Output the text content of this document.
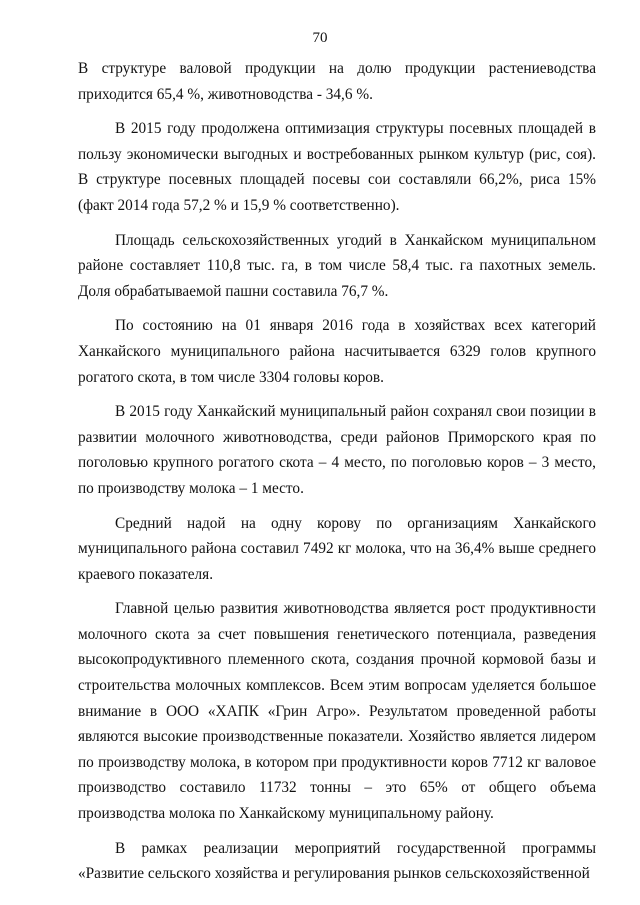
70

В структуре валовой продукции на долю продукции растениеводства приходится 65,4 %, животноводства - 34,6 %.

В 2015 году продолжена оптимизация структуры посевных площадей в пользу экономически выгодных и востребованных рынком культур (рис, соя). В структуре посевных площадей посевы сои составляли 66,2%, риса 15% (факт 2014 года 57,2 % и 15,9 % соответственно).

Площадь сельскохозяйственных угодий в Ханкайском муниципальном районе составляет 110,8 тыс. га, в том числе 58,4 тыс. га пахотных земель. Доля обрабатываемой пашни составила 76,7 %.

По состоянию на 01 января 2016 года в хозяйствах всех категорий Ханкайского муниципального района насчитывается 6329 голов крупного рогатого скота, в том числе 3304 головы коров.

В 2015 году Ханкайский муниципальный район сохранял свои позиции в развитии молочного животноводства, среди районов Приморского края по поголовью крупного рогатого скота – 4 место, по поголовью коров – 3 место, по производству молока – 1 место.

Средний надой на одну корову по организациям Ханкайского муниципального района составил 7492 кг молока, что на 36,4% выше среднего краевого показателя.

Главной целью развития животноводства является рост продуктивности молочного скота за счет повышения генетического потенциала, разведения высокопродуктивного племенного скота, создания прочной кормовой базы и строительства молочных комплексов. Всем этим вопросам уделяется большое внимание в ООО «ХАПК «Грин Агро». Результатом проведенной работы являются высокие производственные показатели. Хозяйство является лидером по производству молока, в котором при продуктивности коров 7712 кг валовое производство составило 11732 тонны – это 65% от общего объема производства молока по Ханкайскому муниципальному району.

В рамках реализации мероприятий государственной программы «Развитие сельского хозяйства и регулирования рынков сельскохозяйственной
